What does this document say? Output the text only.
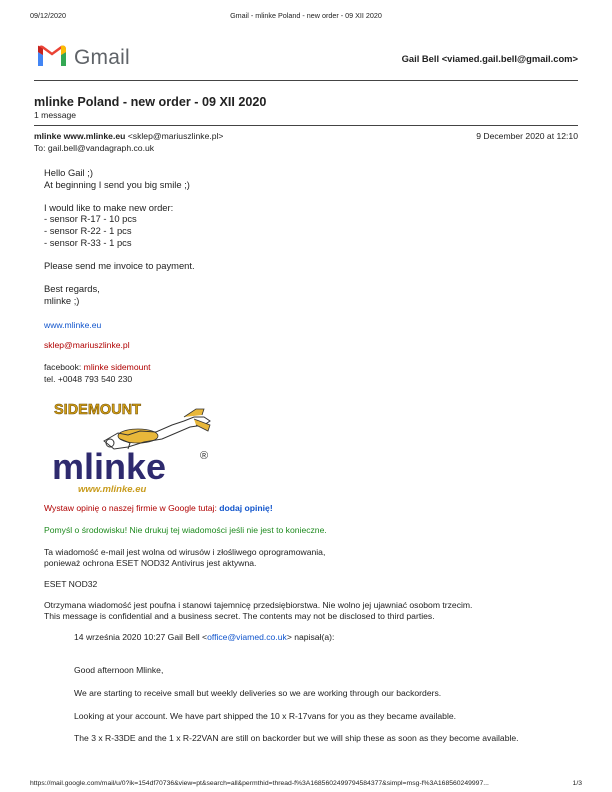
09/12/2020	Gmail - mlinke Poland - new order - 09 XII 2020
Gmail	Gail Bell <viamed.gail.bell@gmail.com>
mlinke Poland - new order - 09 XII 2020
1 message
mlinke www.mlinke.eu <sklep@mariuszlinke.pl>	9 December 2020 at 12:10
To: gail.bell@vandagraph.co.uk
Hello Gail ;)
At beginning I send you big smile ;)
I would like to make new order:
- sensor R-17 - 10 pcs
- sensor R-22 - 1 pcs
- sensor R-33 - 1 pcs
Please send me invoice to payment.
Best regards,
mlinke ;)
www.mlinke.eu
sklep@mariuszlinke.pl
facebook: mlinke sidemount
tel. +0048 793 540 230
SIDEMOUNT
mlinke	®
www.mlinke.eu
Wystaw opinię o naszej firmie w Google tutaj: dodaj opinię!
Pomyśl o środowisku! Nie drukuj tej wiadomości jeśli nie jest to konieczne.
Ta wiadomość e-mail jest wolna od wirusów i złośliwego oprogramowania,
ponieważ ochrona ESET NOD32 Antivirus jest aktywna.
ESET NOD32
Otrzymana wiadomość jest poufna i stanowi tajemnicę przedsiębiorstwa. Nie wolno jej ujawniać osobom trzecim.
This message is confidential and a business secret. The contents may not be disclosed to third parties.
14 września 2020 10:27 Gail Bell <office@viamed.co.uk> napisał(a):
Good afternoon Mlinke,
We are starting to receive small but weekly deliveries so we are working through our backorders.
Looking at your account. We have part shipped the 10 x R-17vans for you as they became available.
The 3 x R-33DE and the 1 x R-22VAN are still on backorder but we will ship these as soon as they become available.
https://mail.google.com/mail/u/0?ik=154df70736&view=pt&search=all&permthid=thread-f%3A1685602499794584377&simpl=msg-f%3A168560249997...	1/3
